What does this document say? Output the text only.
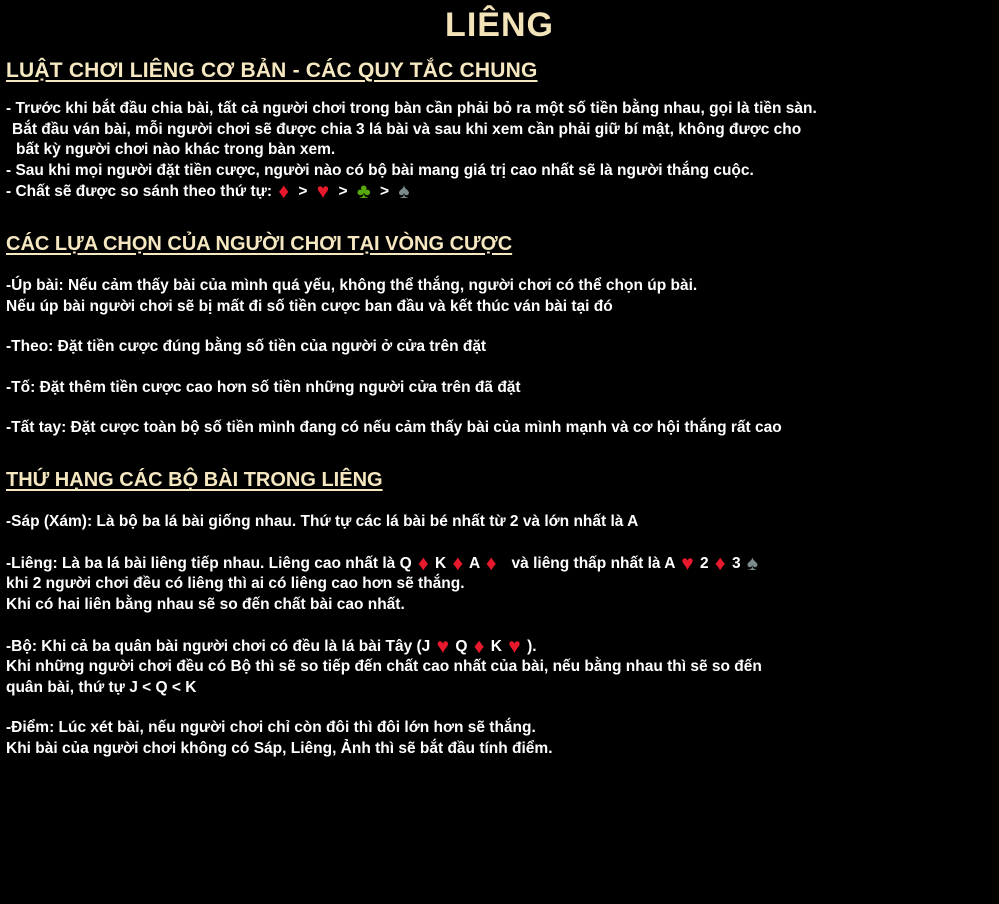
LIÊNG
LUẬT CHƠI LIÊNG CƠ BẢN - CÁC QUY TẮC CHUNG
- Trước khi bắt đầu chia bài, tất cả người chơi trong bàn cần phải bỏ ra một số tiền bằng nhau, gọi là tiền sàn.
Bắt đầu ván bài, mỗi người chơi sẽ được chia 3 lá bài và sau khi xem cần phải giữ bí mật, không được cho
bất kỳ người chơi nào khác trong bàn xem.
- Sau khi mọi người đặt tiền cược, người nào có bộ bài mang giá trị cao nhất sẽ là người thắng cuộc.
- Chất sẽ được so sánh theo thứ tự: ♦ > ♥ > ♣ > ♠
CÁC LỰA CHỌN CỦA NGƯỜI CHƠI TẠI VÒNG CƯỢC
-Úp bài: Nếu cảm thấy bài của mình quá yếu, không thể thắng, người chơi có thể chọn úp bài.
Nếu úp bài người chơi sẽ bị mất đi số tiền cược ban đầu và kết thúc ván bài tại đó
-Theo: Đặt tiền cược đúng bằng số tiền của người ở cửa trên đặt
-Tố: Đặt thêm tiền cược cao hơn số tiền những người cửa trên đã đặt
-Tất tay: Đặt cược toàn bộ số tiền mình đang có nếu cảm thấy bài của mình mạnh và cơ hội thắng rất cao
THỨ HẠNG CÁC BỘ BÀI TRONG LIÊNG
-Sáp (Xám): Là bộ ba lá bài giống nhau. Thứ tự các lá bài bé nhất từ 2 và lớn nhất là A
-Liêng: Là ba lá bài liêng tiếp nhau. Liêng cao nhất là Q ♦ K ♦ A ♦ và liêng thấp nhất là A ♥ 2 ♦ 3 ♠
khi 2 người chơi đều có liêng thì ai có liêng cao hơn sẽ thắng.
Khi có hai liên bằng nhau sẽ so đến chất bài cao nhất.
-Bộ: Khi cả ba quân bài người chơi có đều là lá bài Tây (J ♥ Q ♦ K ♥ ).
Khi những người chơi đều có Bộ thì sẽ so tiếp đến chất cao nhất của bài, nếu bằng nhau thì sẽ so đến
quân bài, thứ tự J < Q < K
-Điểm: Lúc xét bài, nếu người chơi chỉ còn đôi thì đôi lớn hơn sẽ thắng.
Khi bài của người chơi không có Sáp, Liêng, Ảnh thì sẽ bắt đầu tính điểm.
